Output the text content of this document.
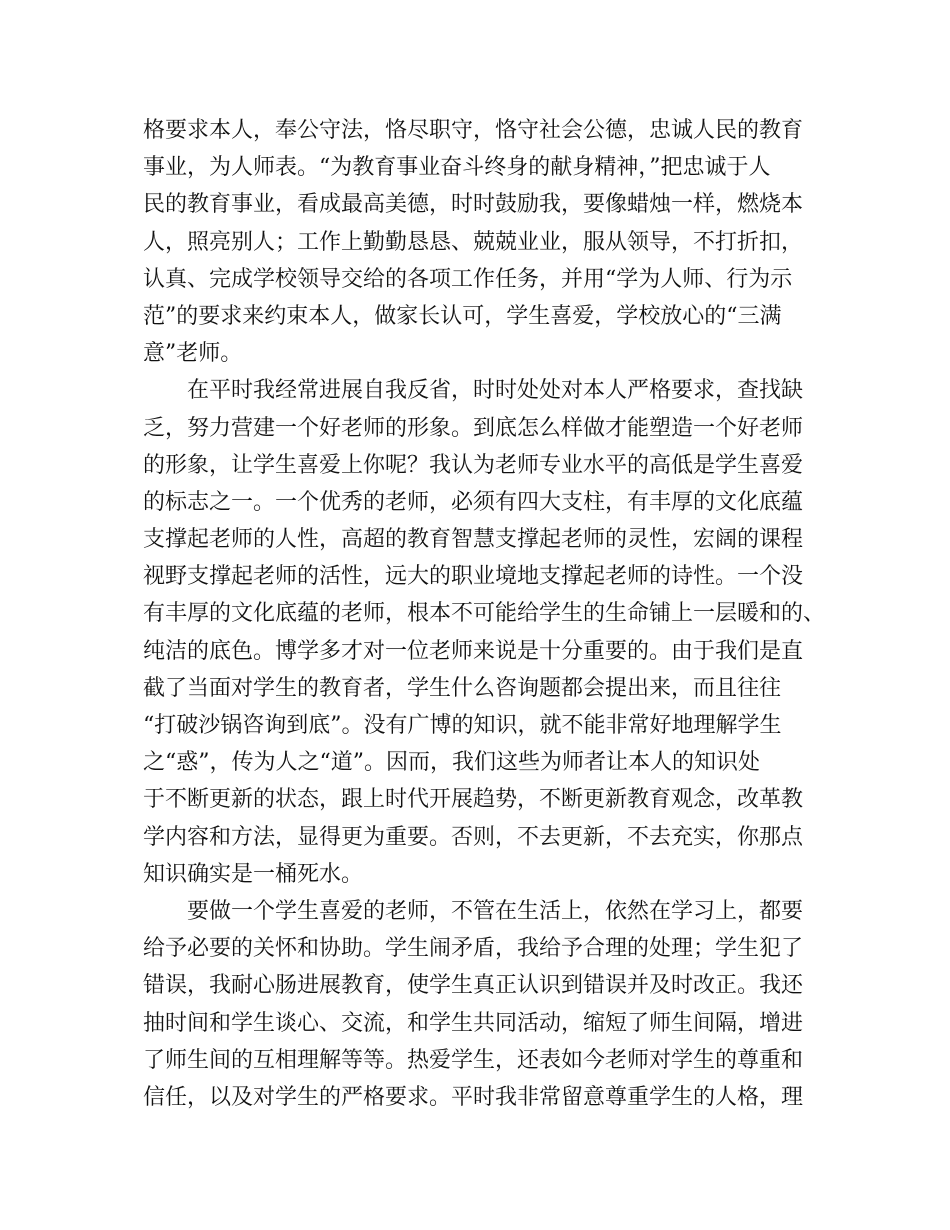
格要求本人，奉公守法，恪尽职守，恪守社会公德，忠诚人民的教育
事业，为人师表。“为教育事业奋斗终身的献身精神，”把忠诚于人
民的教育事业，看成最高美德，时时鼓励我，要像蜡烛一样，燃烧本
人，照亮别人；工作上勤勤恳恳、兢兢业业，服从领导，不打折扣，
认真、完成学校领导交给的各项工作任务，并用“学为人师、行为示
范”的要求来约束本人，做家长认可，学生喜爱，学校放心的“三满
意”老师。
在平时我经常进展自我反省，时时处处对本人严格要求，查找缺
乏，努力营建一个好老师的形象。到底怎么样做才能塑造一个好老师
的形象，让学生喜爱上你呢？我认为老师专业水平的高低是学生喜爱
的标志之一。一个优秀的老师，必须有四大支柱，有丰厚的文化底蕴
支撑起老师的人性，高超的教育智慧支撑起老师的灵性，宏阔的课程
视野支撑起老师的活性，远大的职业境地支撑起老师的诗性。一个没
有丰厚的文化底蕴的老师，根本不可能给学生的生命铺上一层暖和的、
纯洁的底色。博学多才对一位老师来说是十分重要的。由于我们是直
截了当面对学生的教育者，学生什么咨询题都会提出来，而且往往
“打破沙锅咨询到底”。没有广博的知识，就不能非常好地理解学生
之“惑”，传为人之“道”。因而，我们这些为师者让本人的知识处
于不断更新的状态，跟上时代开展趋势，不断更新教育观念，改革教
学内容和方法，显得更为重要。否则，不去更新，不去充实，你那点
知识确实是一桶死水。
要做一个学生喜爱的老师，不管在生活上，依然在学习上，都要
给予必要的关怀和协助。学生闹矛盾，我给予合理的处理；学生犯了
错误，我耐心肠进展教育，使学生真正认识到错误并及时改正。我还
抽时间和学生谈心、交流，和学生共同活动，缩短了师生间隔，增进
了师生间的互相理解等等。热爱学生，还表如今老师对学生的尊重和
信任，以及对学生的严格要求。平时我非常留意尊重学生的人格，理
